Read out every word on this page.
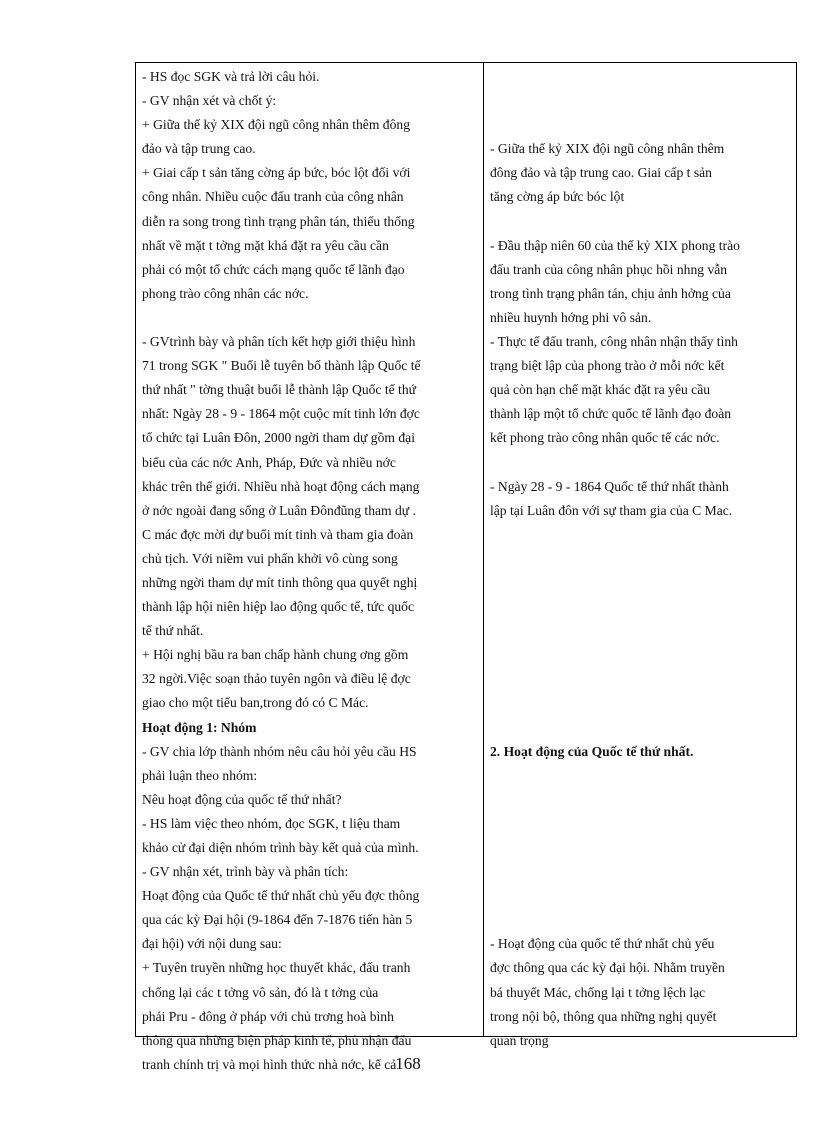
- HS đọc SGK và trả lời câu hỏi.
- GV nhận xét và chốt ý:
+ Giữa thế kỷ XIX đội ngũ công nhân thêm đông
đảo và tập trung cao.
+ Giai cấp t sản tăng cờng áp bức, bóc lột đối với
công nhân. Nhiều cuộc đấu tranh của công nhân
diễn ra song trong tình trạng phân tán, thiếu thống
nhất về mặt t tởng mặt khá đặt ra yêu cầu cần
phải có một tổ chức cách mạng quốc tế lãnh đạo
phong trào công nhân các nớc.
- GVtrình bày và phân tích kết hợp giới thiệu hình
71 trong SGK " Buổi lễ tuyên bố thành lập Quốc tế
thứ nhất " tờng thuật buổi lễ thành lập Quốc tế thứ
nhất: Ngày 28 - 9 - 1864 một cuộc mít tinh lớn đợc
tổ chức tại Luân Đôn, 2000 ngời tham dự gồm đại
biểu của các nớc Anh, Pháp, Đức và nhiều nớc
khác trên thế giới. Nhiều nhà hoạt động cách mạng
ở nớc ngoài đang sống ở Luân Đônđũng tham dự .
C mác đợc mời dự buổi mít tinh và tham gia đoàn
chủ tịch. Với niềm vui phấn khởi vô cùng song
những ngời tham dự mít tinh thông qua quyết nghị
thành lập hội niên hiệp lao động quốc tế, tức quốc
tế thứ nhất.
+ Hội nghị bầu ra ban chấp hành chung ơng gồm
32 ngời.Việc soạn thảo tuyên ngôn và điều lệ đợc
giao cho một tiểu ban,trong đó có C Mác.
Hoạt động 1: Nhóm
- GV chia lớp thành nhóm nêu câu hỏi yêu cầu HS
phải luận theo nhóm:
Nêu hoạt động của quốc tế thứ nhất?
- HS làm việc theo nhóm, đọc SGK, t liệu tham
khảo cử đại diện nhóm trình bày kết quả của mình.
- GV nhận xét, trình bày và phân tích:
Hoạt động của Quốc tế thứ nhất chủ yếu đợc thông
qua các kỳ Đại hội (9-1864 đến 7-1876 tiến hàn 5
đại hội) với nội dung sau:
+ Tuyên truyền những học thuyết khác, đấu tranh
chống lại các t tởng vô sản, đó là t tởng của
phái Pru - đông ở pháp với chủ trơng hoà bình
thông qua những biện pháp kinh tế, phủ nhận đấu
tranh chính trị và mọi hình thức nhà nớc, kể cả
- Giữa thế kỷ XIX đội ngũ công nhân thêm
đông đảo và tập trung cao. Giai cấp t sản
tăng cờng áp bức bóc lột
- Đầu thập niên 60 của thế kỷ XIX phong trào
đấu tranh của công nhân phục hồi nhng vẫn
trong tình trạng phân tán, chịu ảnh hởng của
nhiều huynh hớng phi vô sản.
- Thực tế đấu tranh, công nhân nhận thấy tình
trạng biệt lập của phong trào ở mỗi nớc kết
quả còn hạn chế mặt khác đặt ra yêu cầu
thành lập một tổ chức quốc tế lãnh đạo đoàn
kết phong trào công nhân quốc tế các nớc.
- Ngày 28 - 9 - 1864 Quốc tế thứ nhất thành
lập tại Luân đôn với sự tham gia của C Mac.
2. Hoạt động của Quốc tế thứ nhất.
- Hoạt động của quốc tế thứ nhất chủ yếu
đợc thông qua các kỳ đại hội. Nhằm truyền
bá thuyết Mác, chống lại t tởng lệch lạc
trong nội bộ, thông qua những nghị quyết
quan trọng
168
